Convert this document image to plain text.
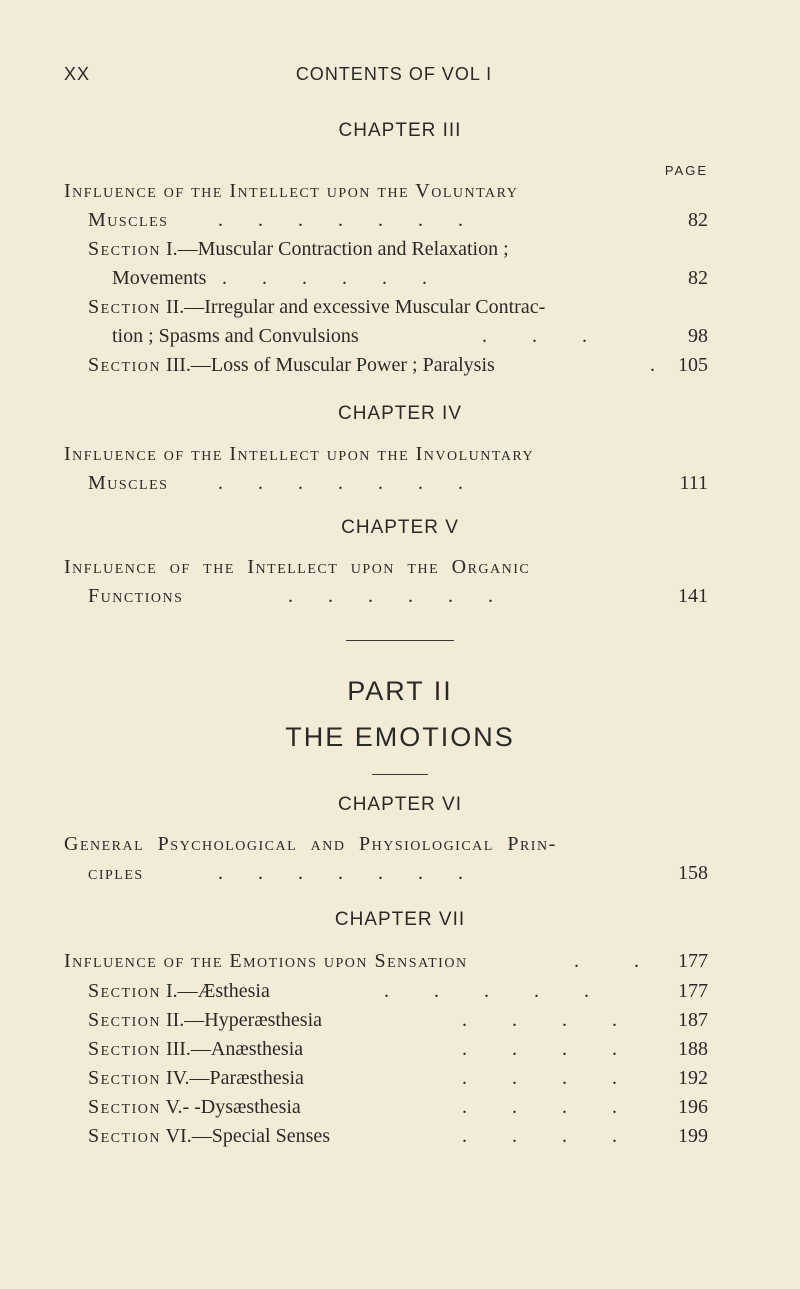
XX	CONTENTS OF VOL I
CHAPTER III
PAGE
Influence of the Intellect upon the Voluntary
Muscles .       .       .       .       .       .       .	82
Section I.—Muscular Contraction and Relaxation ;
Movements .       .       .       .       .       .	82
Section II.—Irregular and excessive Muscular Contrac-
tion ; Spasms and Convulsions	.         .         .	98
Section III.—Loss of Muscular Power ; Paralysis	. 105
CHAPTER IV
Influence of the Intellect upon the Involuntary
Muscles .       .       .       .       .       .       .	111
CHAPTER V
Influence of the Intellect upon the Organic
Functions	.       .       .       .       .       .	141
PART II
THE EMOTIONS
CHAPTER VI
General Psychological and Physiological Prin-
ciples	.       .       .       .       .       .       .	158
CHAPTER VII
Influence of the Emotions upon Sensation	.           . 177
Section I.—Æsthesia	.         .         .         .         .	177
Section II.—Hyperæsthesia	.         .         .         .	187
Section III.—Anæsthesia	.         .         .         .	188
Section IV.—Paræsthesia	.         .         .         .	192
Section V.- -Dysæsthesia	.         .         .         .	196
Section VI.—Special Senses	.         .         .         .	199
